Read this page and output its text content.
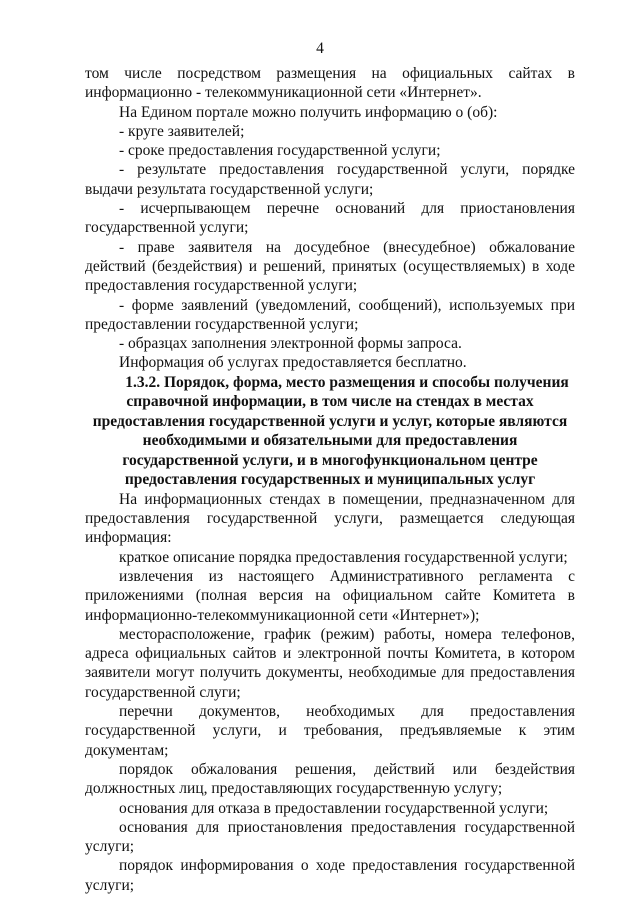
4

том числе посредством размещения на официальных сайтах в информационно - телекоммуникационной сети «Интернет».

На Едином портале можно получить информацию о (об):

- круге заявителей;

- сроке предоставления государственной услуги;

- результате предоставления государственной услуги, порядке выдачи результата государственной услуги;

- исчерпывающем перечне оснований для приостановления государственной услуги;

- праве заявителя на досудебное (внесудебное) обжалование действий (бездействия) и решений, принятых (осуществляемых) в ходе предоставления государственной услуги;

- форме заявлений (уведомлений, сообщений), используемых при предоставлении государственной услуги;

- образцах заполнения электронной формы запроса.

Информация об услугах предоставляется бесплатно.

1.3.2. Порядок, форма, место размещения и способы получения справочной информации, в том числе на стендах в местах предоставления государственной услуги и услуг, которые являются необходимыми и обязательными для предоставления государственной услуги, и в многофункциональном центре предоставления государственных и муниципальных услуг

На информационных стендах в помещении, предназначенном для предоставления государственной услуги, размещается следующая информация:

краткое описание порядка предоставления государственной услуги;

извлечения из настоящего Административного регламента с приложениями (полная версия на официальном сайте Комитета в информационно-телекоммуникационной сети «Интернет»);

месторасположение, график (режим) работы, номера телефонов, адреса официальных сайтов и электронной почты Комитета, в котором заявители могут получить документы, необходимые для предоставления государственной слуги;

перечни документов, необходимых для предоставления государственной услуги, и требования, предъявляемые к этим документам;

порядок обжалования решения, действий или бездействия должностных лиц, предоставляющих государственную услугу;

основания для отказа в предоставлении государственной услуги;

основания для приостановления предоставления государственной услуги;

порядок информирования о ходе предоставления государственной услуги;
